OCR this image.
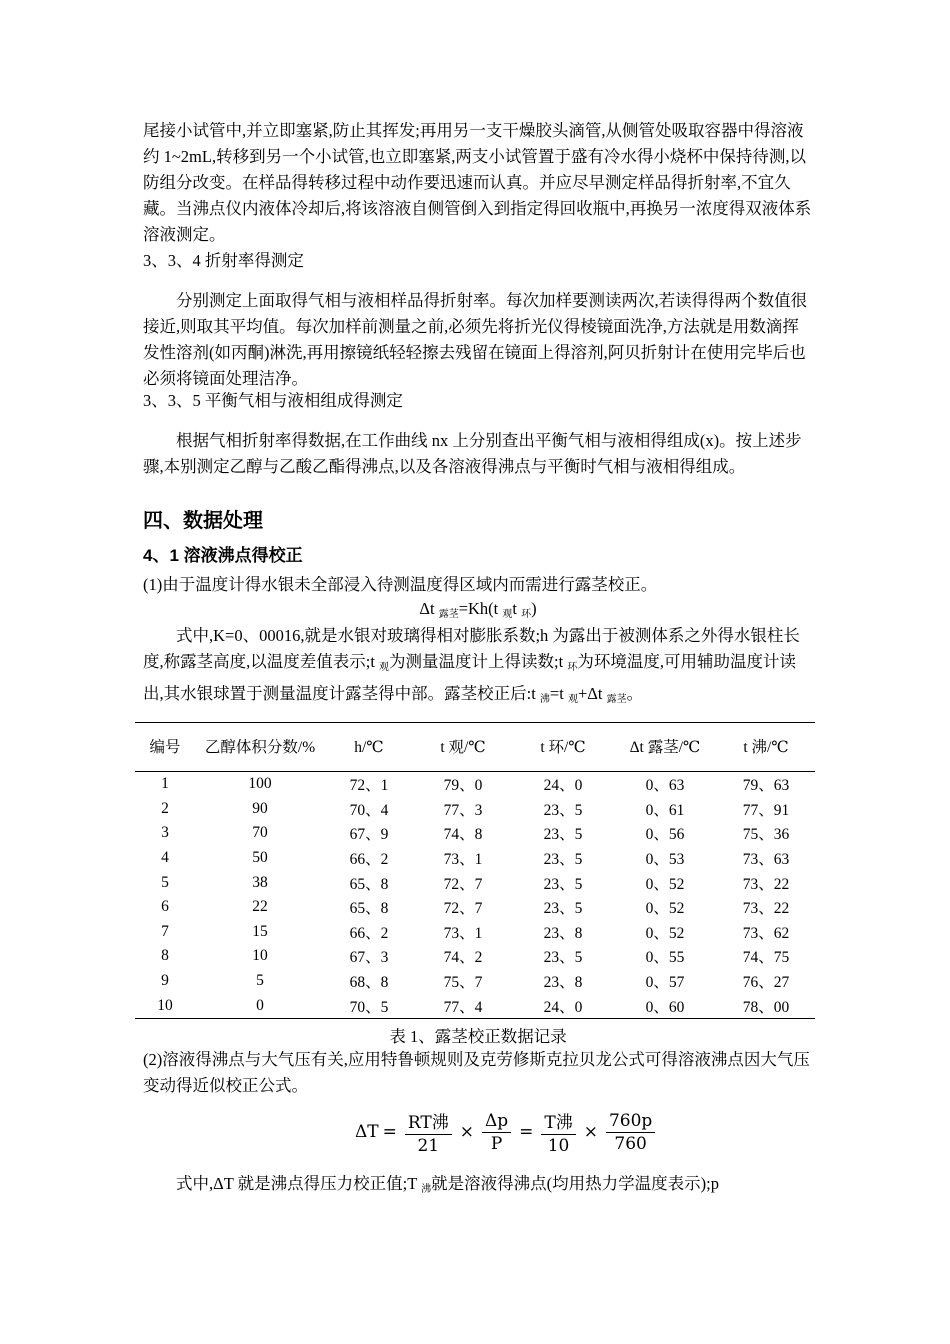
尾接小试管中,并立即塞紧,防止其挥发;再用另一支干燥胶头滴管,从侧管处吸取容器中得溶液约 1~2mL,转移到另一个小试管,也立即塞紧,两支小试管置于盛有冷水得小烧杯中保持待测,以防组分改变。在样品得转移过程中动作要迅速而认真。并应尽早测定样品得折射率,不宜久藏。当沸点仪内液体冷却后,将该溶液自侧管倒入到指定得回收瓶中,再换另一浓度得双液体系溶液测定。

3、3、4 折射率得测定

分别测定上面取得气相与液相样品得折射率。每次加样要测读两次,若读得得两个数值很接近,则取其平均值。每次加样前测量之前,必须先将折光仪得棱镜面洗净,方法就是用数滴挥发性溶剂(如丙酮)淋洗,再用擦镜纸轻轻擦去残留在镜面上得溶剂,阿贝折射计在使用完毕后也必须将镜面处理洁净。

3、3、5 平衡气相与液相组成得测定

根据气相折射率得数据,在工作曲线 nx 上分别查出平衡气相与液相得组成(x)。按上述步骤,本别测定乙醇与乙酸乙酯得沸点,以及各溶液得沸点与平衡时气相与液相得组成。

四、数据处理
4、1 溶液沸点得校正

(1)由于温度计得水银未全部浸入待测温度得区域内而需进行露茎校正。

Δt $_{露茎}$=Kh(t $_观$t $_环$)

式中,K=0、00016,就是水银对玻璃得相对膨胀系数;h 为露出于被测体系之外得水银柱长度,称露茎高度,以温度差值表示;t $_观$为测量温度计上得读数;t $_环$为环境温度,可用辅助温度计读出,其水银球置于测量温度计露茎得中部。露茎校正后:t $_沸$=t $_观$+Δt $_{露茎}$。

编号	乙醇体积分数/%	h/℃	t 观/℃	t 环/℃	Δt 露茎/℃	t 沸/℃
1	100	72、1	79、0	24、0	0、63	79、63
2	90	70、4	77、3	23、5	0、61	77、91
3	70	67、9	74、8	23、5	0、56	75、36
4	50	66、2	73、1	23、5	0、53	73、63
5	38	65、8	72、7	23、5	0、52	73、22
6	22	65、8	72、7	23、5	0、52	73、22
7	15	66、2	73、1	23、8	0、52	73、62
8	10	67、3	74、2	23、5	0、55	74、75
9	5	68、8	75、7	23、8	0、57	76、27
10	0	70、5	77、4	24、0	0、60	78、00

表 1、露茎校正数据记录

(2)溶液得沸点与大气压有关,应用特鲁顿规则及克劳修斯克拉贝龙公式可得溶液沸点因大气压变动得近似校正公式。

$\Delta T = \frac{\text{RT沸}}{21} \times \frac{\Delta p}{P} = \frac{\text{T沸}}{10} \times \frac{760p}{760}$

式中,ΔT 就是沸点得压力校正值;T $_沸$就是溶液得沸点(均用热力学温度表示);p
